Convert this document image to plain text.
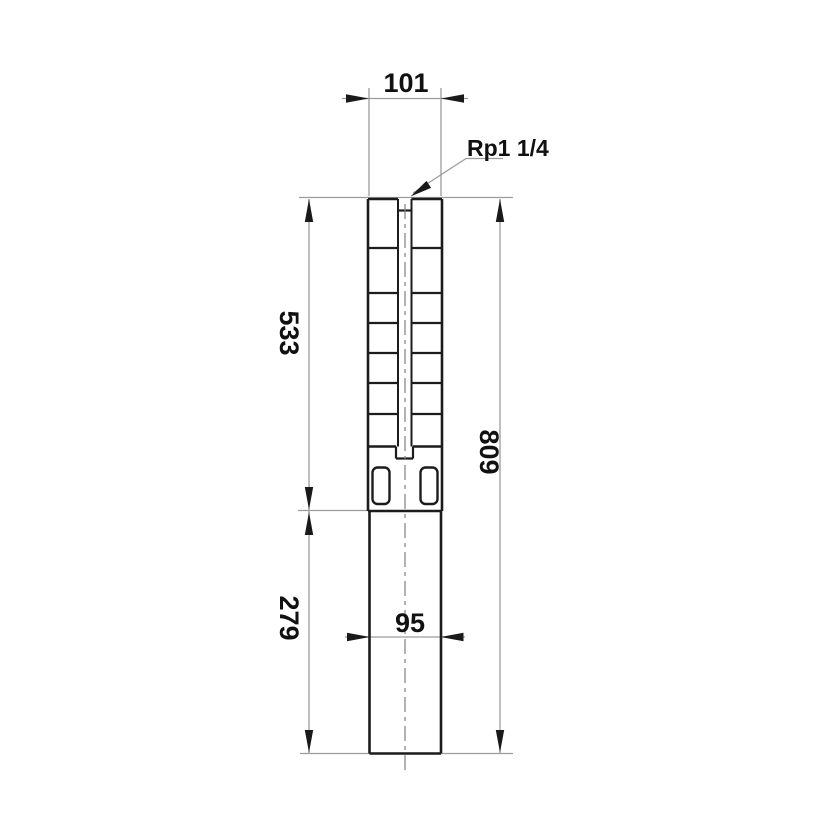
101
Rp1 1/4
533
809
279	95
